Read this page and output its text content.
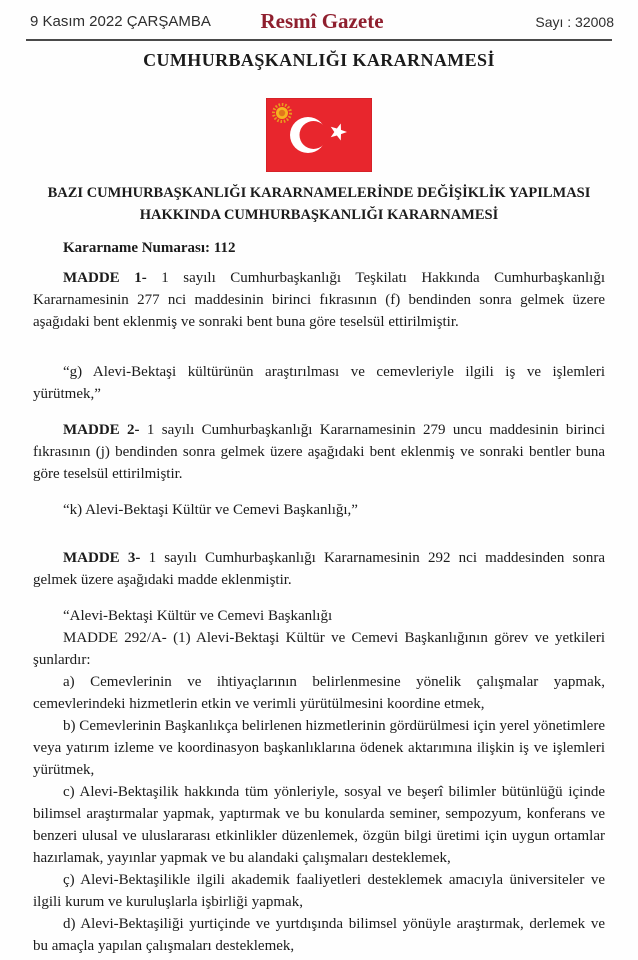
9 Kasım 2022 ÇARŞAMBA Resmî Gazete	Sayı : 32008
CUMHURBAŞKANLIĞI KARARNAMESİ
BAZI CUMHURBAŞKANLIĞI KARARNAMELERİNDE DEĞİŞİKLİK YAPILMASI
HAKKINDA CUMHURBAŞKANLIĞI KARARNAMESİ

Kararname Numarası: 112

MADDE 1- 1 sayılı Cumhurbaşkanlığı Teşkilatı Hakkında Cumhurbaşkanlığı Kararnamesinin 277 nci maddesinin birinci fıkrasının (f) bendinden sonra gelmek üzere aşağıdaki bent eklenmiş ve sonraki bent buna göre teselsül ettirilmiştir.

“g) Alevi-Bektaşi kültürünün araştırılması ve cemevleriyle ilgili iş ve işlemleri yürütmek,”

MADDE 2- 1 sayılı Cumhurbaşkanlığı Kararnamesinin 279 uncu maddesinin birinci fıkrasının (j) bendinden sonra gelmek üzere aşağıdaki bent eklenmiş ve sonraki bentler buna göre teselsül ettirilmiştir.

“k) Alevi-Bektaşi Kültür ve Cemevi Başkanlığı,”

MADDE 3- 1 sayılı Cumhurbaşkanlığı Kararnamesinin 292 nci maddesinden sonra gelmek üzere aşağıdaki madde eklenmiştir.

“Alevi-Bektaşi Kültür ve Cemevi Başkanlığı

MADDE 292/A- (1) Alevi-Bektaşi Kültür ve Cemevi Başkanlığının görev ve yetkileri şunlardır:

a) Cemevlerinin ve ihtiyaçlarının belirlenmesine yönelik çalışmalar yapmak, cemevlerindeki hizmetlerin etkin ve verimli yürütülmesini koordine etmek,

b) Cemevlerinin Başkanlıkça belirlenen hizmetlerinin gördürülmesi için yerel yönetimlere veya yatırım izleme ve koordinasyon başkanlıklarına ödenek aktarımına ilişkin iş ve işlemleri yürütmek,

c) Alevi-Bektaşilik hakkında tüm yönleriyle, sosyal ve beşerî bilimler bütünlüğü içinde bilimsel araştırmalar yapmak, yaptırmak ve bu konularda seminer, sempozyum, konferans ve benzeri ulusal ve uluslararası etkinlikler düzenlemek, özgün bilgi üretimi için uygun ortamlar hazırlamak, yayınlar yapmak ve bu alandaki çalışmaları desteklemek,

ç) Alevi-Bektaşilikle ilgili akademik faaliyetleri desteklemek amacıyla üniversiteler ve ilgili kurum ve kuruluşlarla işbirliği yapmak,

d) Alevi-Bektaşiliği yurtiçinde ve yurtdışında bilimsel yönüyle araştırmak, derlemek ve bu amaçla yapılan çalışmaları desteklemek,
